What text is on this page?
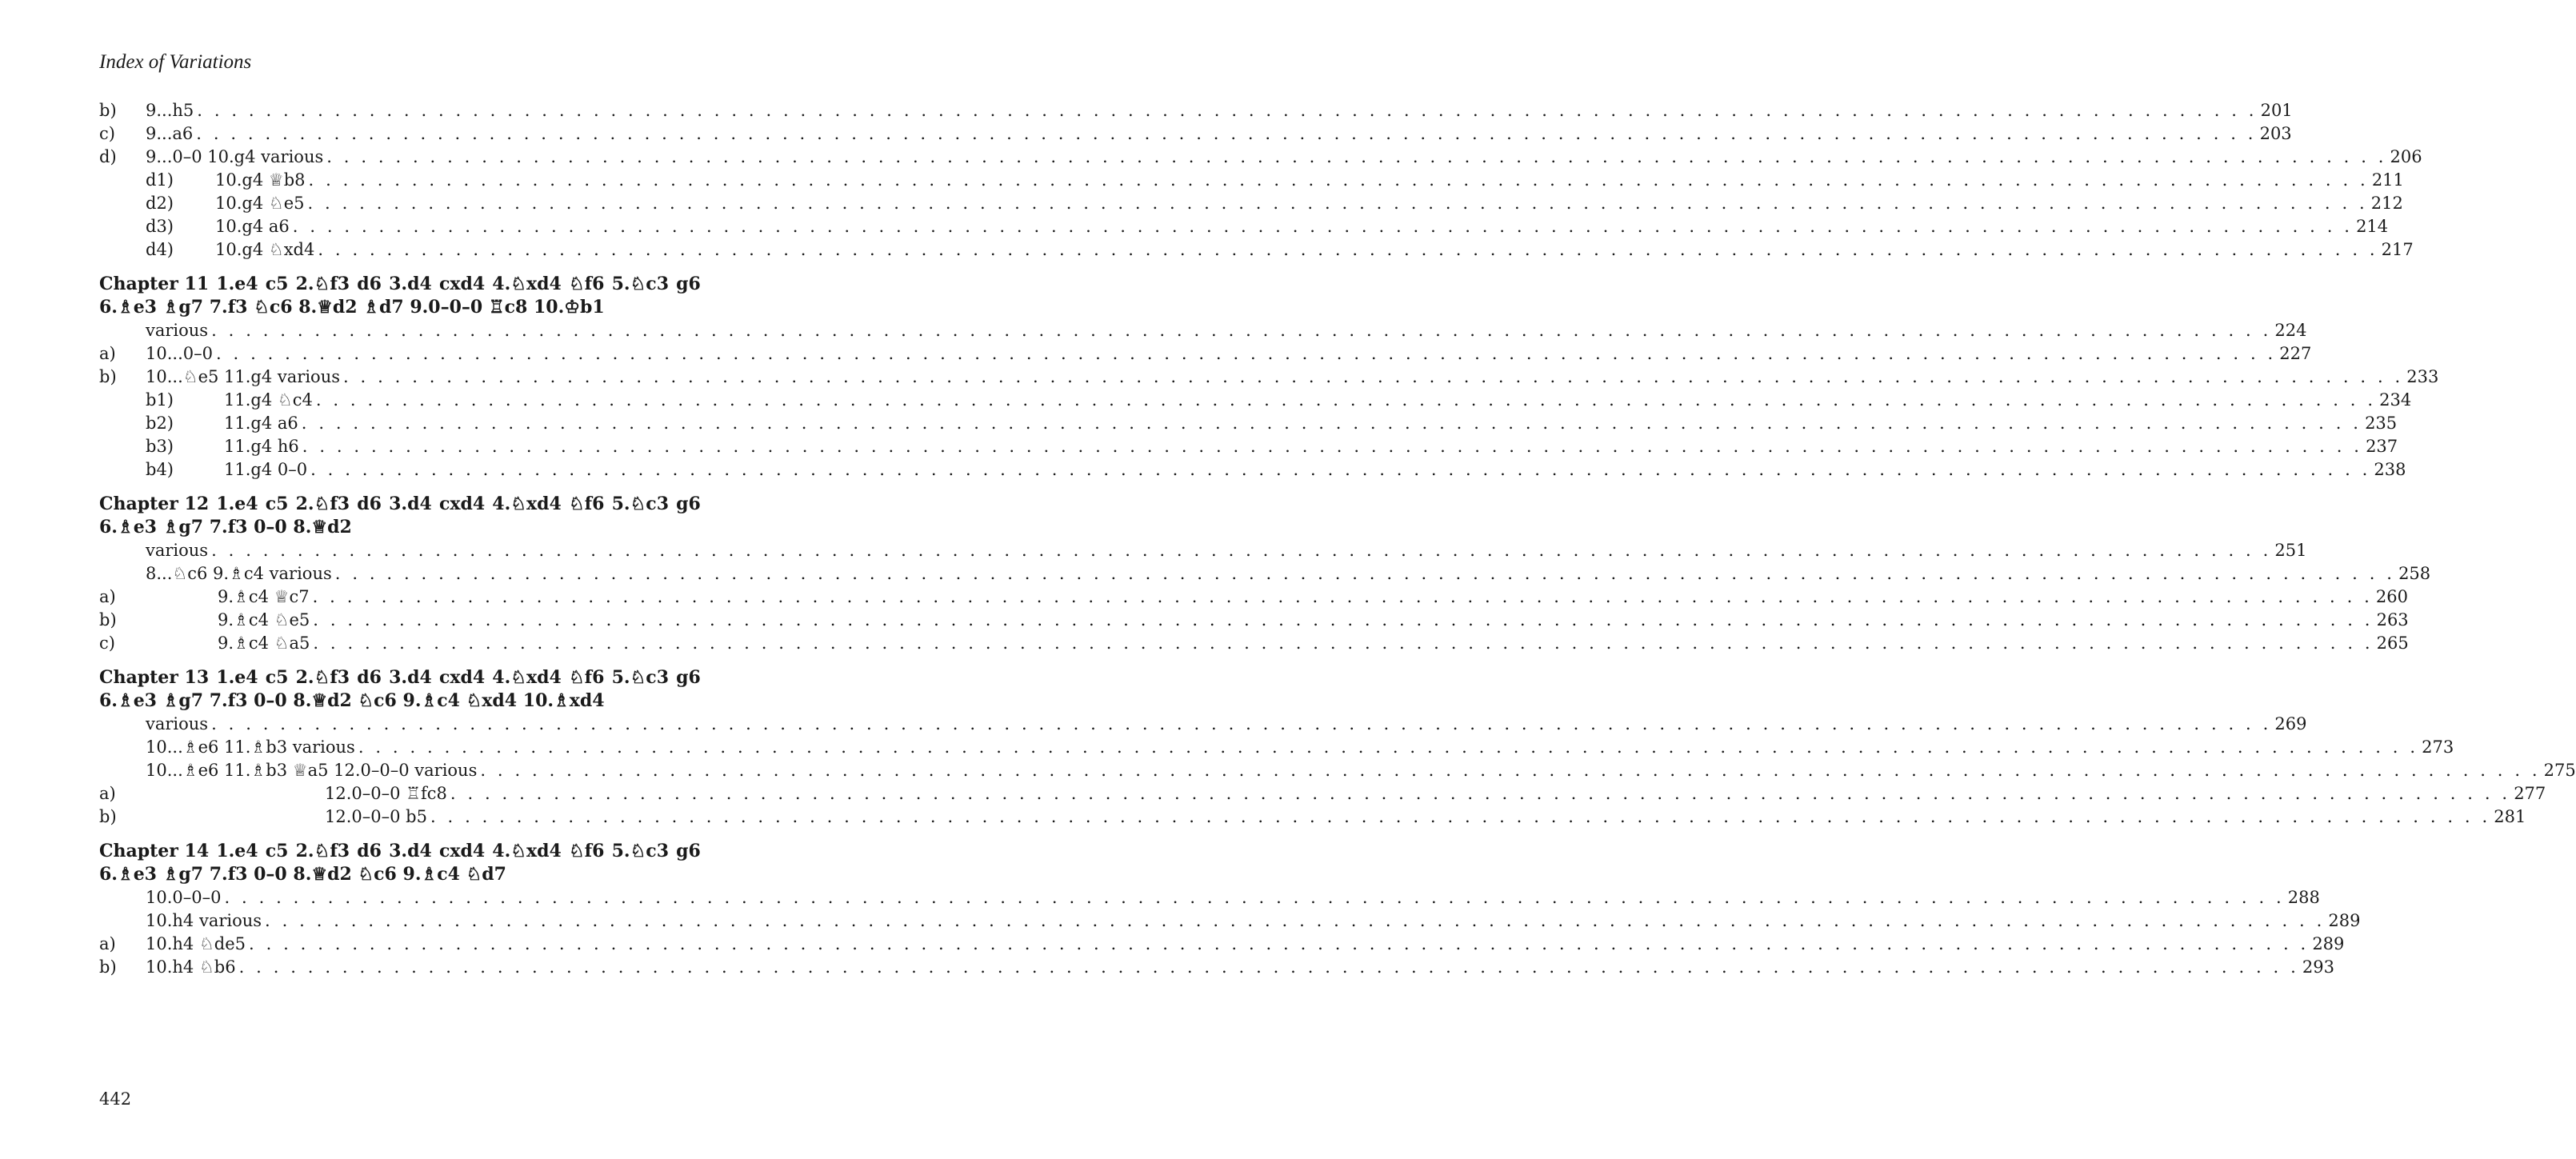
Index of Variations
b) 9...h5 . . . . . . . . . . . . . . . . . . . . . . . . . . . . . . . . . . . . . . . . . . . . . . . . . . . . . . . . . . . . . . . . . . . . . . . . . . . . . . . . . . . . . . . . . . . . . . . . . . . . . . . . . . . . . . . . . . . . . . . . 201
c) 9...a6 . . . . . . . . . . . . . . . . . . . . . . . . . . . . . . . . . . . . . . . . . . . . . . . . . . . . . . . . . . . . . . . . . . . . . . . . . . . . . . . . . . . . . . . . . . . . . . . . . . . . . . . . . . . . . . . . . . . . . . . . 203
d) 9...0–0 10.g4 various . . . . . . . . . . . . . . . . . . . . . . . . . . . . . . . . . . . . . . . . . . . . . . . . . . . . . . . . . . . . . . . . . . . . . . . . . . . . . . . . . . . . . . . . . . . . . . . . . . . . . . . . . . . . . . . . . . . . . . . . 206
d1) 10.g4 ♕b8 . . . . . . . . . . . . . . . . . . . . . . . . . . . . . . . . . . . . . . . . . . . . . . . . . . . . . . . . . . . . . . . . . . . . . . . . . . . . . . . . . . . . . . . . . . . . . . . . . . . . . . . . . . . . . . . . . . . . . . . . 211
d2) 10.g4 ♘e5 . . . . . . . . . . . . . . . . . . . . . . . . . . . . . . . . . . . . . . . . . . . . . . . . . . . . . . . . . . . . . . . . . . . . . . . . . . . . . . . . . . . . . . . . . . . . . . . . . . . . . . . . . . . . . . . . . . . . . . . . 212
d3) 10.g4 a6 . . . . . . . . . . . . . . . . . . . . . . . . . . . . . . . . . . . . . . . . . . . . . . . . . . . . . . . . . . . . . . . . . . . . . . . . . . . . . . . . . . . . . . . . . . . . . . . . . . . . . . . . . . . . . . . . . . . . . . . . 214
d4) 10.g4 ♘xd4 . . . . . . . . . . . . . . . . . . . . . . . . . . . . . . . . . . . . . . . . . . . . . . . . . . . . . . . . . . . . . . . . . . . . . . . . . . . . . . . . . . . . . . . . . . . . . . . . . . . . . . . . . . . . . . . . . . . . . . . . 217
Chapter 11 1.e4 c5 2.♘f3 d6 3.d4 cxd4 4.♘xd4 ♘f6 5.♘c3 g6
6.♗e3 ♗g7 7.f3 ♘c6 8.♕d2 ♗d7 9.0–0–0 ♖c8 10.♔b1
various . . . . . . . . . . . . . . . . . . . . . . . . . . . . . . . . . . . . . . . . . . . . . . . . . . . . . . . . . . . . . . . . . . . . . . . . . . . . . . . . . . . . . . . . . . . . . . . . . . . . . . . . . . . . . . . . . . . . . . . . 224
a) 10...0–0 . . . . . . . . . . . . . . . . . . . . . . . . . . . . . . . . . . . . . . . . . . . . . . . . . . . . . . . . . . . . . . . . . . . . . . . . . . . . . . . . . . . . . . . . . . . . . . . . . . . . . . . . . . . . . . . . . . . . . . . . 227
b) 10...♘e5 11.g4 various . . . . . . . . . . . . . . . . . . . . . . . . . . . . . . . . . . . . . . . . . . . . . . . . . . . . . . . . . . . . . . . . . . . . . . . . . . . . . . . . . . . . . . . . . . . . . . . . . . . . . . . . . . . . . . . . . . . . . . . . 233
b1)	11.g4 ♘c4 . . . . . . . . . . . . . . . . . . . . . . . . . . . . . . . . . . . . . . . . . . . . . . . . . . . . . . . . . . . . . . . . . . . . . . . . . . . . . . . . . . . . . . . . . . . . . . . . . . . . . . . . . . . . . . . . . . . . . . . . 234
b2)	11.g4 a6 . . . . . . . . . . . . . . . . . . . . . . . . . . . . . . . . . . . . . . . . . . . . . . . . . . . . . . . . . . . . . . . . . . . . . . . . . . . . . . . . . . . . . . . . . . . . . . . . . . . . . . . . . . . . . . . . . . . . . . . . 235
b3)	11.g4 h6 . . . . . . . . . . . . . . . . . . . . . . . . . . . . . . . . . . . . . . . . . . . . . . . . . . . . . . . . . . . . . . . . . . . . . . . . . . . . . . . . . . . . . . . . . . . . . . . . . . . . . . . . . . . . . . . . . . . . . . . . 237
b4)	11.g4 0–0 . . . . . . . . . . . . . . . . . . . . . . . . . . . . . . . . . . . . . . . . . . . . . . . . . . . . . . . . . . . . . . . . . . . . . . . . . . . . . . . . . . . . . . . . . . . . . . . . . . . . . . . . . . . . . . . . . . . . . . . . 238
Chapter 12 1.e4 c5 2.♘f3 d6 3.d4 cxd4 4.♘xd4 ♘f6 5.♘c3 g6
6.♗e3 ♗g7 7.f3 0–0 8.♕d2
various . . . . . . . . . . . . . . . . . . . . . . . . . . . . . . . . . . . . . . . . . . . . . . . . . . . . . . . . . . . . . . . . . . . . . . . . . . . . . . . . . . . . . . . . . . . . . . . . . . . . . . . . . . . . . . . . . . . . . . . . 251
8...♘c6 9.♗c4 various . . . . . . . . . . . . . . . . . . . . . . . . . . . . . . . . . . . . . . . . . . . . . . . . . . . . . . . . . . . . . . . . . . . . . . . . . . . . . . . . . . . . . . . . . . . . . . . . . . . . . . . . . . . . . . . . . . . . . . . . 258
a)	9.♗c4 ♕c7 . . . . . . . . . . . . . . . . . . . . . . . . . . . . . . . . . . . . . . . . . . . . . . . . . . . . . . . . . . . . . . . . . . . . . . . . . . . . . . . . . . . . . . . . . . . . . . . . . . . . . . . . . . . . . . . . . . . . . . . . 260
b)	9.♗c4 ♘e5 . . . . . . . . . . . . . . . . . . . . . . . . . . . . . . . . . . . . . . . . . . . . . . . . . . . . . . . . . . . . . . . . . . . . . . . . . . . . . . . . . . . . . . . . . . . . . . . . . . . . . . . . . . . . . . . . . . . . . . . . 263
c)	9.♗c4 ♘a5 . . . . . . . . . . . . . . . . . . . . . . . . . . . . . . . . . . . . . . . . . . . . . . . . . . . . . . . . . . . . . . . . . . . . . . . . . . . . . . . . . . . . . . . . . . . . . . . . . . . . . . . . . . . . . . . . . . . . . . . . 265
Chapter 13 1.e4 c5 2.♘f3 d6 3.d4 cxd4 4.♘xd4 ♘f6 5.♘c3 g6
6.♗e3 ♗g7 7.f3 0–0 8.♕d2 ♘c6 9.♗c4 ♘xd4 10.♗xd4
various . . . . . . . . . . . . . . . . . . . . . . . . . . . . . . . . . . . . . . . . . . . . . . . . . . . . . . . . . . . . . . . . . . . . . . . . . . . . . . . . . . . . . . . . . . . . . . . . . . . . . . . . . . . . . . . . . . . . . . . . 269
10...♗e6 11.♗b3 various . . . . . . . . . . . . . . . . . . . . . . . . . . . . . . . . . . . . . . . . . . . . . . . . . . . . . . . . . . . . . . . . . . . . . . . . . . . . . . . . . . . . . . . . . . . . . . . . . . . . . . . . . . . . . . . . . . . . . . . . 273
10...♗e6 11.♗b3 ♕a5 12.0–0–0 various . . . . . . . . . . . . . . . . . . . . . . . . . . . . . . . . . . . . . . . . . . . . . . . . . . . . . . . . . . . . . . . . . . . . . . . . . . . . . . . . . . . . . . . . . . . . . . . . . . . . . . . . . . . . . . . . . . . . . . . . 275
a)	12.0–0–0 ♖fc8 . . . . . . . . . . . . . . . . . . . . . . . . . . . . . . . . . . . . . . . . . . . . . . . . . . . . . . . . . . . . . . . . . . . . . . . . . . . . . . . . . . . . . . . . . . . . . . . . . . . . . . . . . . . . . . . . . . . . . . . . 277
b)	12.0–0–0 b5 . . . . . . . . . . . . . . . . . . . . . . . . . . . . . . . . . . . . . . . . . . . . . . . . . . . . . . . . . . . . . . . . . . . . . . . . . . . . . . . . . . . . . . . . . . . . . . . . . . . . . . . . . . . . . . . . . . . . . . . . 281
Chapter 14 1.e4 c5 2.♘f3 d6 3.d4 cxd4 4.♘xd4 ♘f6 5.♘c3 g6
6.♗e3 ♗g7 7.f3 0–0 8.♕d2 ♘c6 9.♗c4 ♘d7
10.0–0–0 . . . . . . . . . . . . . . . . . . . . . . . . . . . . . . . . . . . . . . . . . . . . . . . . . . . . . . . . . . . . . . . . . . . . . . . . . . . . . . . . . . . . . . . . . . . . . . . . . . . . . . . . . . . . . . . . . . . . . . . . 288
10.h4 various . . . . . . . . . . . . . . . . . . . . . . . . . . . . . . . . . . . . . . . . . . . . . . . . . . . . . . . . . . . . . . . . . . . . . . . . . . . . . . . . . . . . . . . . . . . . . . . . . . . . . . . . . . . . . . . . . . . . . . . . 289
a) 10.h4 ♘de5 . . . . . . . . . . . . . . . . . . . . . . . . . . . . . . . . . . . . . . . . . . . . . . . . . . . . . . . . . . . . . . . . . . . . . . . . . . . . . . . . . . . . . . . . . . . . . . . . . . . . . . . . . . . . . . . . . . . . . . . . 289
b) 10.h4 ♘b6 . . . . . . . . . . . . . . . . . . . . . . . . . . . . . . . . . . . . . . . . . . . . . . . . . . . . . . . . . . . . . . . . . . . . . . . . . . . . . . . . . . . . . . . . . . . . . . . . . . . . . . . . . . . . . . . . . . . . . . . . 293
442
